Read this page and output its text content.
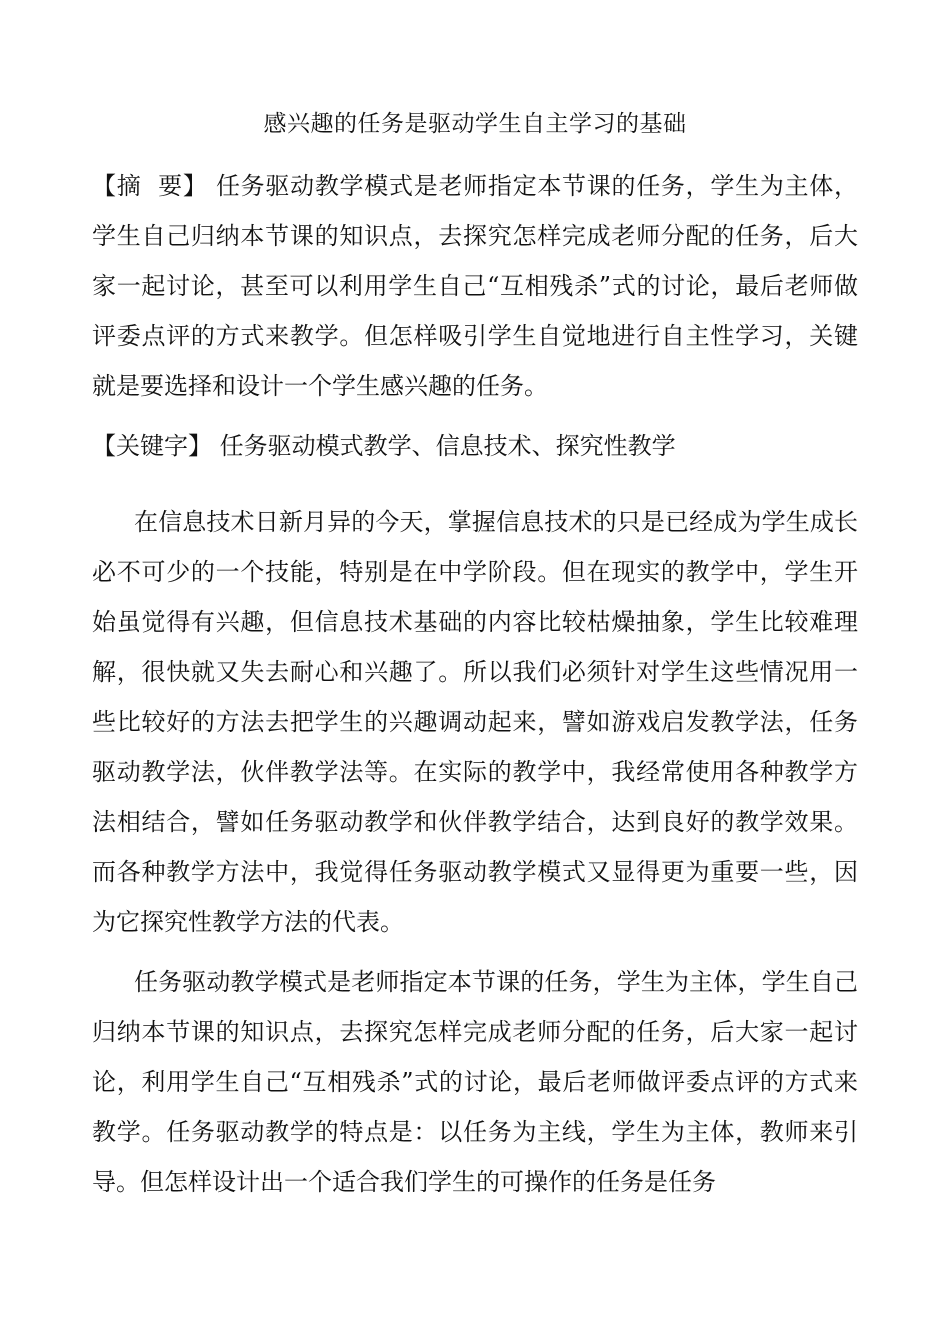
感兴趣的任务是驱动学生自主学习的基础
【摘  要】 任务驱动教学模式是老师指定本节课的任务，学生为主体，学生自己归纳本节课的知识点，去探究怎样完成老师分配的任务，后大家一起讨论，甚至可以利用学生自己“互相残杀”式的讨论，最后老师做评委点评的方式来教学。但怎样吸引学生自觉地进行自主性学习，关键就是要选择和设计一个学生感兴趣的任务。
【关键字】 任务驱动模式教学、信息技术、探究性教学
在信息技术日新月异的今天，掌握信息技术的只是已经成为学生成长必不可少的一个技能，特别是在中学阶段。但在现实的教学中，学生开始虽觉得有兴趣，但信息技术基础的内容比较枯燥抽象，学生比较难理解，很快就又失去耐心和兴趣了。所以我们必须针对学生这些情况用一些比较好的方法去把学生的兴趣调动起来，譬如游戏启发教学法，任务驱动教学法，伙伴教学法等。在实际的教学中，我经常使用各种教学方法相结合，譬如任务驱动教学和伙伴教学结合，达到良好的教学效果。而各种教学方法中，我觉得任务驱动教学模式又显得更为重要一些，因为它探究性教学方法的代表。
任务驱动教学模式是老师指定本节课的任务，学生为主体，学生自己归纳本节课的知识点，去探究怎样完成老师分配的任务，后大家一起讨论，利用学生自己“互相残杀”式的讨论，最后老师做评委点评的方式来教学。任务驱动教学的特点是：以任务为主线，学生为主体，教师来引导。但怎样设计出一个适合我们学生的可操作的任务是任务
